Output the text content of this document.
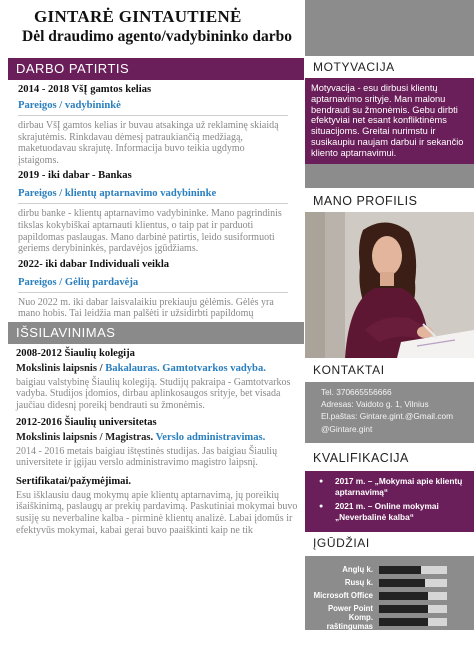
GINTARĖ GINTAUTIENĖ
Dėl draudimo agento/vadybininko darbo
DARBO PATIRTIS
2014 - 2018 VšĮ gamtos kelias
Pareigos / vadybininkė
dirbau VšĮ gamtos kelias ir buvau atsakinga už reklaminę skiaidą skrajutėmis. Rinkdavau dėmesį patraukiančią medžiagą, maketuodavau skrajutę. Informacija buvo teikia ugdymo įstaigoms.
2019 - iki dabar - Bankas
Pareigos / klientų aptarnavimo vadybininke
dirbu banke - klientų aptarnavimo vadybininke. Mano pagrindinis tikslas kokybiškai aptarnauti klientus, o taip pat ir parduoti papildomas paslaugas. Mano darbinė patirtis, leido susiformuoti geriems derybininkės, pardavėjos įgūdžiams.
2022- iki dabar Individuali veikla
Pareigos / Gėlių pardavėja
Nuo 2022 m. iki dabar laisvalaikiu prekiauju gėlėmis. Gėlės yra mano hobis. Tai leidžia man palšėti ir užsidirbti papildomų
IŠSILAVINIMAS
2008-2012 Šiaulių kolegija
Mokslinis laipsnis / Bakalauras. Gamtotvarkos vadyba.
baigiau valstybinę Šiaulių kolegiją. Studijų pakraipa - Gamtotvarkos vadyba. Studijos įdomios, dirbau aplinkosaugos srityje, bet visada jaučiau didesnį poreikį bendrauti su žmonėmis.
2012-2016 Šiaulių universitetas
Mokslinis laipsnis / Magistras. Verslo administravimas.
2014 - 2016 metais baigiau ištęstinės studijas. Jas baigiau Šiaulių universitete ir įgijau verslo administravimo magistro laipsnį.
Sertifikatai/pažymėjimai.
Esu išklausiu daug mokymų apie klientų aptarnavimą, jų poreikių išaiškinimą, paslaugų ar prekių pardavimą. Paskutiniai mokymai buvo susiję su neverbaline kalba - pirminė klientų analizė. Labai įdomūs ir efektyvūs mokymai, kabai gerai buvo paaiškinti kaip ne tik
MOTYVACIJA
Motyvacija - esu dirbusi klientų aptarnavimo srityje. Man malonu bendrauti su žmonėmis. Gebu dirbti efektyviai net esant konfliktinėms situacijoms. Greitai nurimstu ir susikaupiu naujam darbui ir sekančio kliento aptarnavimui.
MANO PROFILIS
KONTAKTAI
Tel. 370665556666
Adresas: Vaidoto g. 1, Vilnius
El.paštas: Gintare.gint.@Gmail.com
@Gintare.gint
KVALIFIKACIJA
● 2017 m. – „Mokymai apie klientų aptarnavimą“
● 2021 m. – Online mokymai „Neverbalinė kalba“
ĮGŪDŽIAI
Anglų k.
Rusų k.
Microsoft Office
Power Point
Komp. raštingumas
